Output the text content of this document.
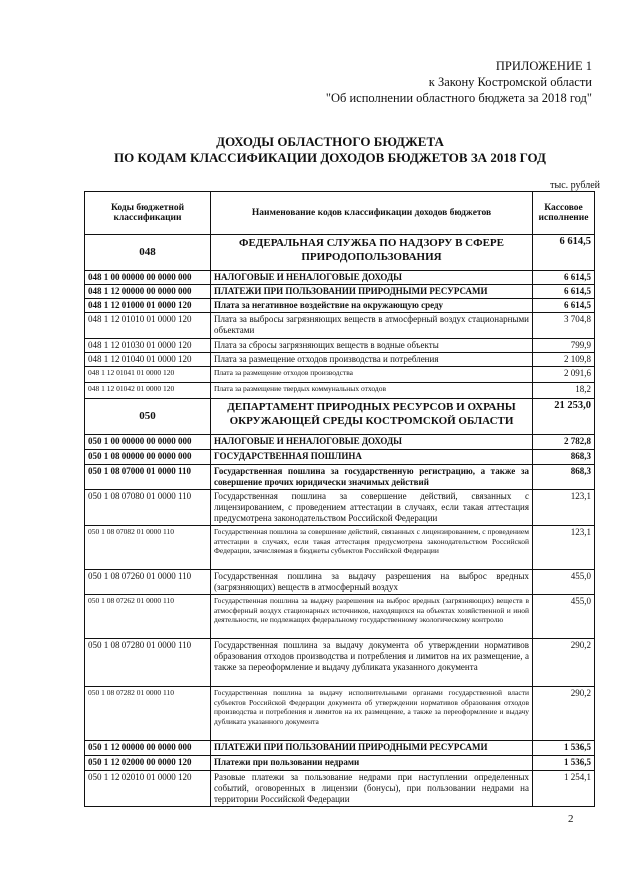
ПРИЛОЖЕНИЕ 1
к Закону Костромской области
"Об исполнении областного бюджета за 2018 год"
ДОХОДЫ ОБЛАСТНОГО БЮДЖЕТА
ПО КОДАМ КЛАССИФИКАЦИИ ДОХОДОВ БЮДЖЕТОВ ЗА 2018 ГОД
тыс. рублей
Коды бюджетной классификации	Наименование кодов классификации доходов бюджетов	Кассовое исполнение
048	ФЕДЕРАЛЬНАЯ СЛУЖБА ПО НАДЗОРУ В СФЕРЕ ПРИРОДОПОЛЬЗОВАНИЯ	6 614,5
048 1 00 00000 00 0000 000	НАЛОГОВЫЕ И НЕНАЛОГОВЫЕ ДОХОДЫ	6 614,5
048 1 12 00000 00 0000 000	ПЛАТЕЖИ ПРИ ПОЛЬЗОВАНИИ ПРИРОДНЫМИ РЕСУРСАМИ	6 614,5
048 1 12 01000 01 0000 120	Плата за негативное воздействие на окружающую среду	6 614,5
048 1 12 01010 01 0000 120	Плата за выбросы загрязняющих веществ в атмосферный воздух стационарными объектами	3 704,8
048 1 12 01030 01 0000 120	Плата за сбросы загрязняющих веществ в водные объекты	799,9
048 1 12 01040 01 0000 120	Плата за размещение отходов производства и потребления	2 109,8
048 1 12 01041 01 0000 120	Плата за размещение отходов производства	2 091,6
048 1 12 01042 01 0000 120	Плата за размещение твердых коммунальных отходов	18,2
050	ДЕПАРТАМЕНТ ПРИРОДНЫХ РЕСУРСОВ И ОХРАНЫ ОКРУЖАЮЩЕЙ СРЕДЫ КОСТРОМСКОЙ ОБЛАСТИ	21 253,0
050 1 00 00000 00 0000 000	НАЛОГОВЫЕ И НЕНАЛОГОВЫЕ ДОХОДЫ	2 782,8
050 1 08 00000 00 0000 000	ГОСУДАРСТВЕННАЯ ПОШЛИНА	868,3
050 1 08 07000 01 0000 110	Государственная пошлина за государственную регистрацию, а также за совершение прочих юридически значимых действий	868,3
050 1 08 07080 01 0000 110	Государственная пошлина за совершение действий, связанных с лицензированием, с проведением аттестации в случаях, если такая аттестация предусмотрена законодательством Российской Федерации	123,1
050 1 08 07082 01 0000 110	Государственная пошлина за совершение действий, связанных с лицензированием, с проведением аттестации в случаях, если такая аттестация предусмотрена законодательством Российской Федерации, зачисляемая в бюджеты субъектов Российской Федерации	123,1
050 1 08 07260 01 0000 110	Государственная пошлина за выдачу разрешения на выброс вредных (загрязняющих) веществ в атмосферный воздух	455,0
050 1 08 07262 01 0000 110	Государственная пошлина за выдачу разрешения на выброс вредных (загрязняющих) веществ в атмосферный воздух стационарных источников, находящихся на объектах хозяйственной и иной деятельности, не подлежащих федеральному государственному экологическому контролю	455,0
050 1 08 07280 01 0000 110	Государственная пошлина за выдачу документа об утверждении нормативов образования отходов производства и потребления и лимитов на их размещение, а также за переоформление и выдачу дубликата указанного документа	290,2
050 1 08 07282 01 0000 110	Государственная пошлина за выдачу исполнительными органами государственной власти субъектов Российской Федерации документа об утверждении нормативов образования отходов производства и потребления и лимитов на их размещение, а также за переоформление и выдачу дубликата указанного документа	290,2
050 1 12 00000 00 0000 000	ПЛАТЕЖИ ПРИ ПОЛЬЗОВАНИИ ПРИРОДНЫМИ РЕСУРСАМИ	1 536,5
050 1 12 02000 00 0000 120	Платежи при пользовании недрами	1 536,5
050 1 12 02010 01 0000 120	Разовые платежи за пользование недрами при наступлении определенных событий, оговоренных в лицензии (бонусы), при пользовании недрами на территории Российской Федерации	1 254,1
2
